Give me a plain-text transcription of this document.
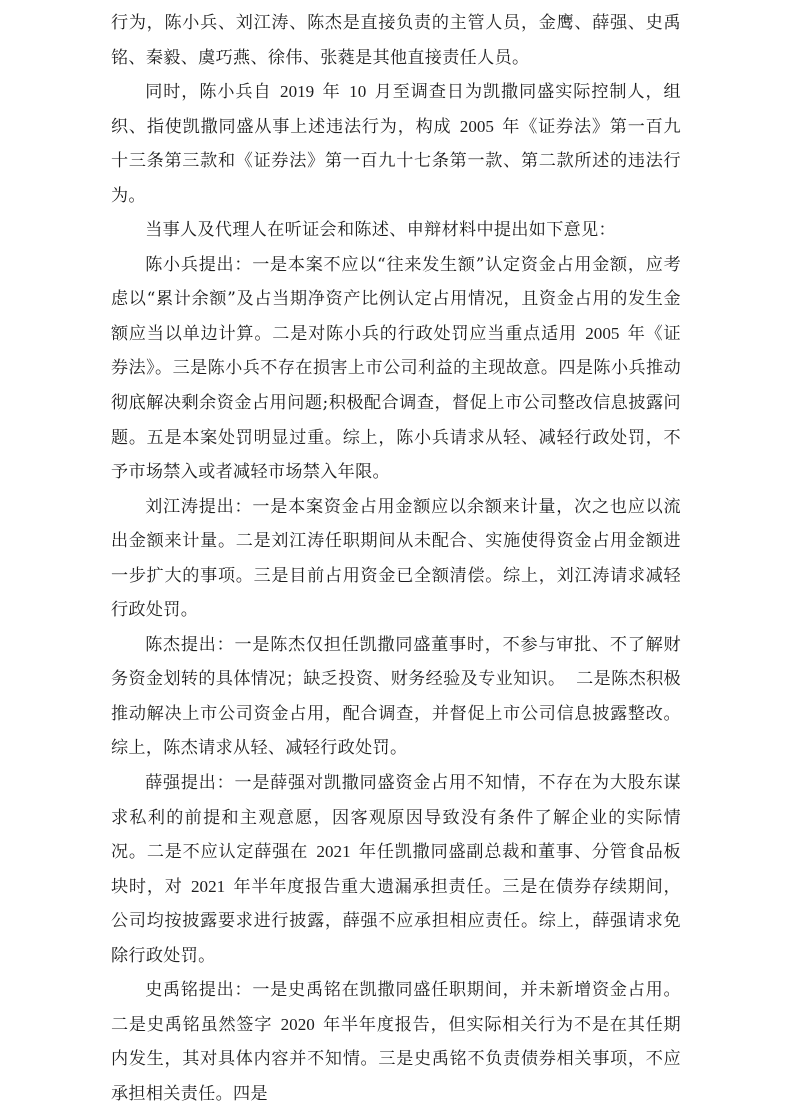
行为，陈小兵、刘江涛、陈杰是直接负责的主管人员，金鹰、薛强、史禹铭、秦毅、虞巧燕、徐伟、张蕤是其他直接责任人员。

同时，陈小兵自 2019 年 10 月至调查日为凯撒同盛实际控制人，组织、指使凯撒同盛从事上述违法行为，构成 2005 年《证券法》第一百九十三条第三款和《证券法》第一百九十七条第一款、第二款所述的违法行为。

当事人及代理人在听证会和陈述、申辩材料中提出如下意见：

陈小兵提出：一是本案不应以“往来发生额”认定资金占用金额，应考虑以“累计余额”及占当期净资产比例认定占用情况，且资金占用的发生金额应当以单边计算。二是对陈小兵的行政处罚应当重点适用 2005 年《证券法》。三是陈小兵不存在损害上市公司利益的主现故意。四是陈小兵推动彻底解决剩余资金占用问题;积极配合调查，督促上市公司整改信息披露问题。五是本案处罚明显过重。综上，陈小兵请求从轻、减轻行政处罚，不予市场禁入或者减轻市场禁入年限。

刘江涛提出：一是本案资金占用金额应以余额来计量，次之也应以流出金额来计量。二是刘江涛任职期间从未配合、实施使得资金占用金额进一步扩大的事项。三是目前占用资金已全额清偿。综上，刘江涛请求减轻行政处罚。

陈杰提出：一是陈杰仅担任凯撒同盛董事时，不参与审批、不了解财务资金划转的具体情况；缺乏投资、财务经验及专业知识。 二是陈杰积极推动解决上市公司资金占用，配合调查，并督促上市公司信息披露整改。综上，陈杰请求从轻、减轻行政处罚。

薛强提出：一是薛强对凯撒同盛资金占用不知情，不存在为大股东谋求私利的前提和主观意愿，因客观原因导致没有条件了解企业的实际情况。二是不应认定薛强在 2021 年任凯撒同盛副总裁和董事、分管食品板块时，对 2021 年半年度报告重大遗漏承担责任。三是在债券存续期间，公司均按披露要求进行披露，薛强不应承担相应责任。综上，薛强请求免除行政处罚。

史禹铭提出：一是史禹铭在凯撒同盛任职期间，并未新增资金占用。二是史禹铭虽然签字 2020 年半年度报告，但实际相关行为不是在其任期内发生，其对具体内容并不知情。三是史禹铭不负责债券相关事项，不应承担相关责任。四是
